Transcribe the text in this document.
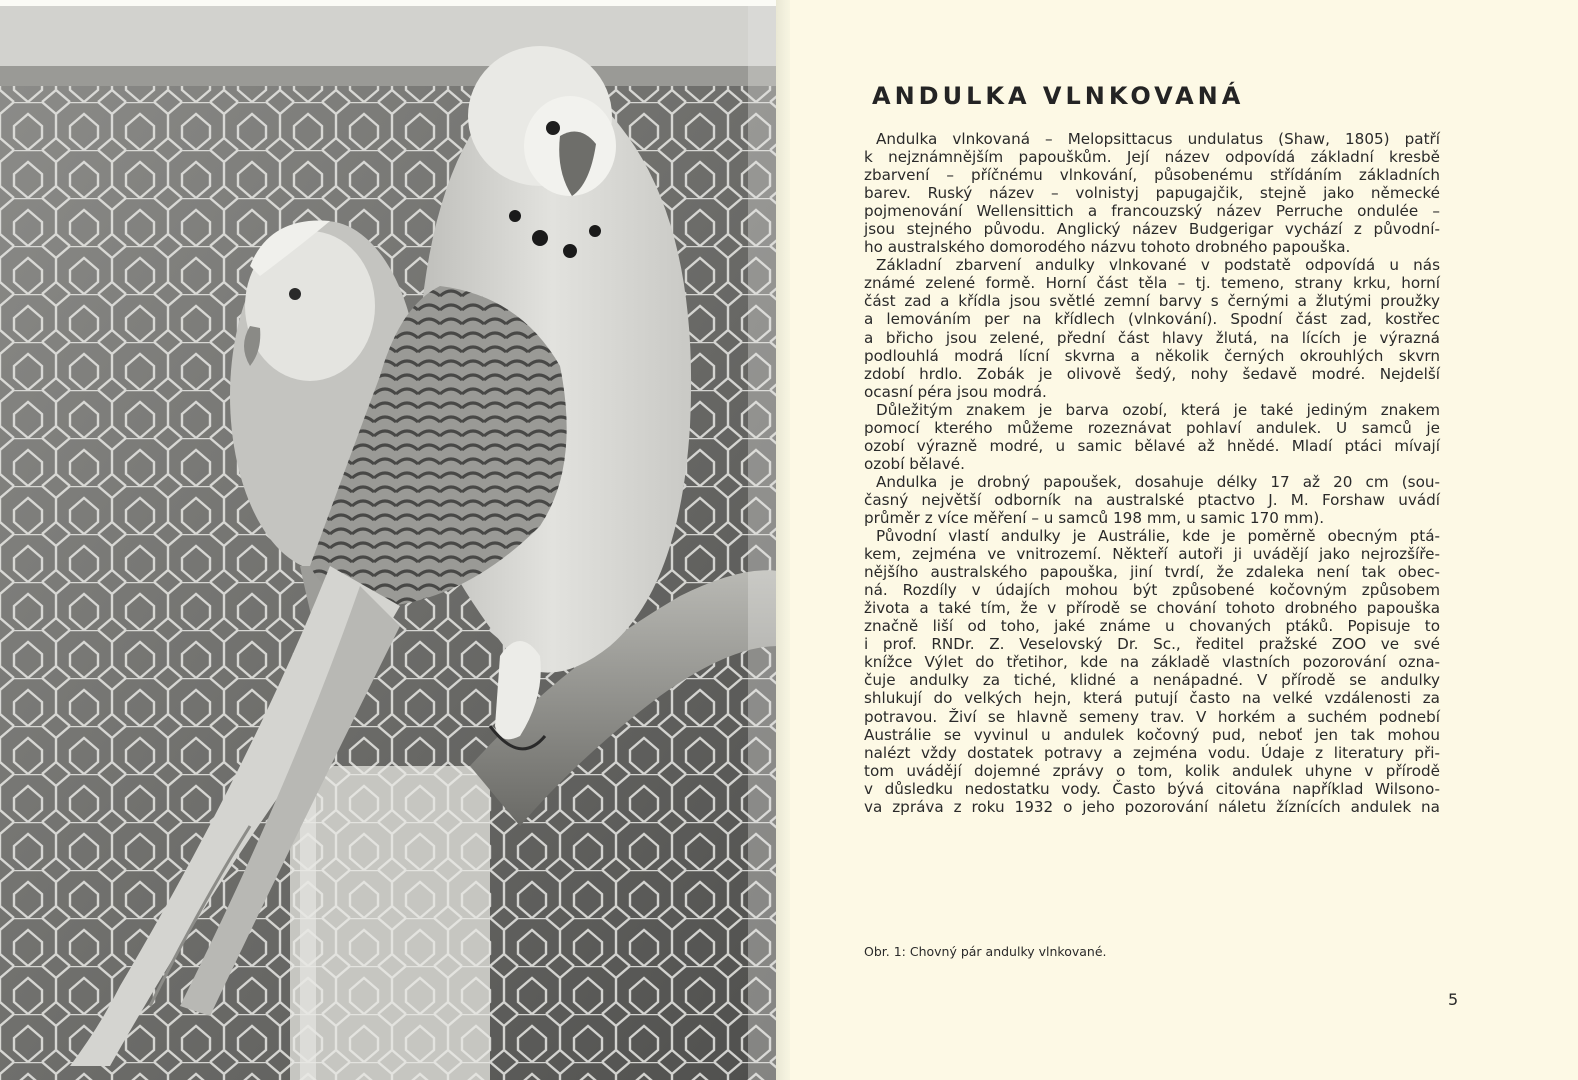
ANDULKA VLNKOVANÁ
Andulka vlnkovaná – Melopsittacus undulatus (Shaw, 1805) patří
k nejznámnějším papouškům. Její název odpovídá základní kresbě
zbarvení – příčnému vlnkování, působenému střídáním základních
barev. Ruský název – volnistyj papugajčik, stejně jako německé
pojmenování Wellensittich a francouzský název Perruche ondulée –
jsou stejného původu. Anglický název Budgerigar vychází z původní-
ho australského domorodého názvu tohoto drobného papouška.
Základní zbarvení andulky vlnkované v podstatě odpovídá u nás
známé zelené formě. Horní část těla – tj. temeno, strany krku, horní
část zad a křídla jsou světlé zemní barvy s černými a žlutými proužky
a lemováním per na křídlech (vlnkování). Spodní část zad, kostřec
a břicho jsou zelené, přední část hlavy žlutá, na lících je výrazná
podlouhlá modrá lícní skvrna a několik černých okrouhlých skvrn
zdobí hrdlo. Zobák je olivově šedý, nohy šedavě modré. Nejdelší
ocasní péra jsou modrá.
Důležitým znakem je barva ozobí, která je také jediným znakem
pomocí kterého můžeme rozeznávat pohlaví andulek. U samců je
ozobí výrazně modré, u samic bělavé až hnědé. Mladí ptáci mívají
ozobí bělavé.
Andulka je drobný papoušek, dosahuje délky 17 až 20 cm (sou-
časný největší odborník na australské ptactvo J. M. Forshaw uvádí
průměr z více měření – u samců 198 mm, u samic 170 mm).
Původní vlastí andulky je Austrálie, kde je poměrně obecným ptá-
kem, zejména ve vnitrozemí. Někteří autoři ji uvádějí jako nejrozšíře-
nějšího australského papouška, jiní tvrdí, že zdaleka není tak obec-
ná. Rozdíly v údajích mohou být způsobené kočovným způsobem
života a také tím, že v přírodě se chování tohoto drobného papouška
značně liší od toho, jaké známe u chovaných ptáků. Popisuje to
i prof. RNDr. Z. Veselovský Dr. Sc., ředitel pražské ZOO ve své
knížce Výlet do třetihor, kde na základě vlastních pozorování ozna-
čuje andulky za tiché, klidné a nenápadné. V přírodě se andulky
shlukují do velkých hejn, která putují často na velké vzdálenosti za
potravou. Živí se hlavně semeny trav. V horkém a suchém podnebí
Austrálie se vyvinul u andulek kočovný pud, neboť jen tak mohou
nalézt vždy dostatek potravy a zejména vodu. Údaje z literatury při-
tom uvádějí dojemné zprávy o tom, kolik andulek uhyne v přírodě
v důsledku nedostatku vody. Často bývá citována například Wilsono-
va zpráva z roku 1932 o jeho pozorování náletu žíznících andulek na
Obr. 1: Chovný pár andulky vlnkované.
5
